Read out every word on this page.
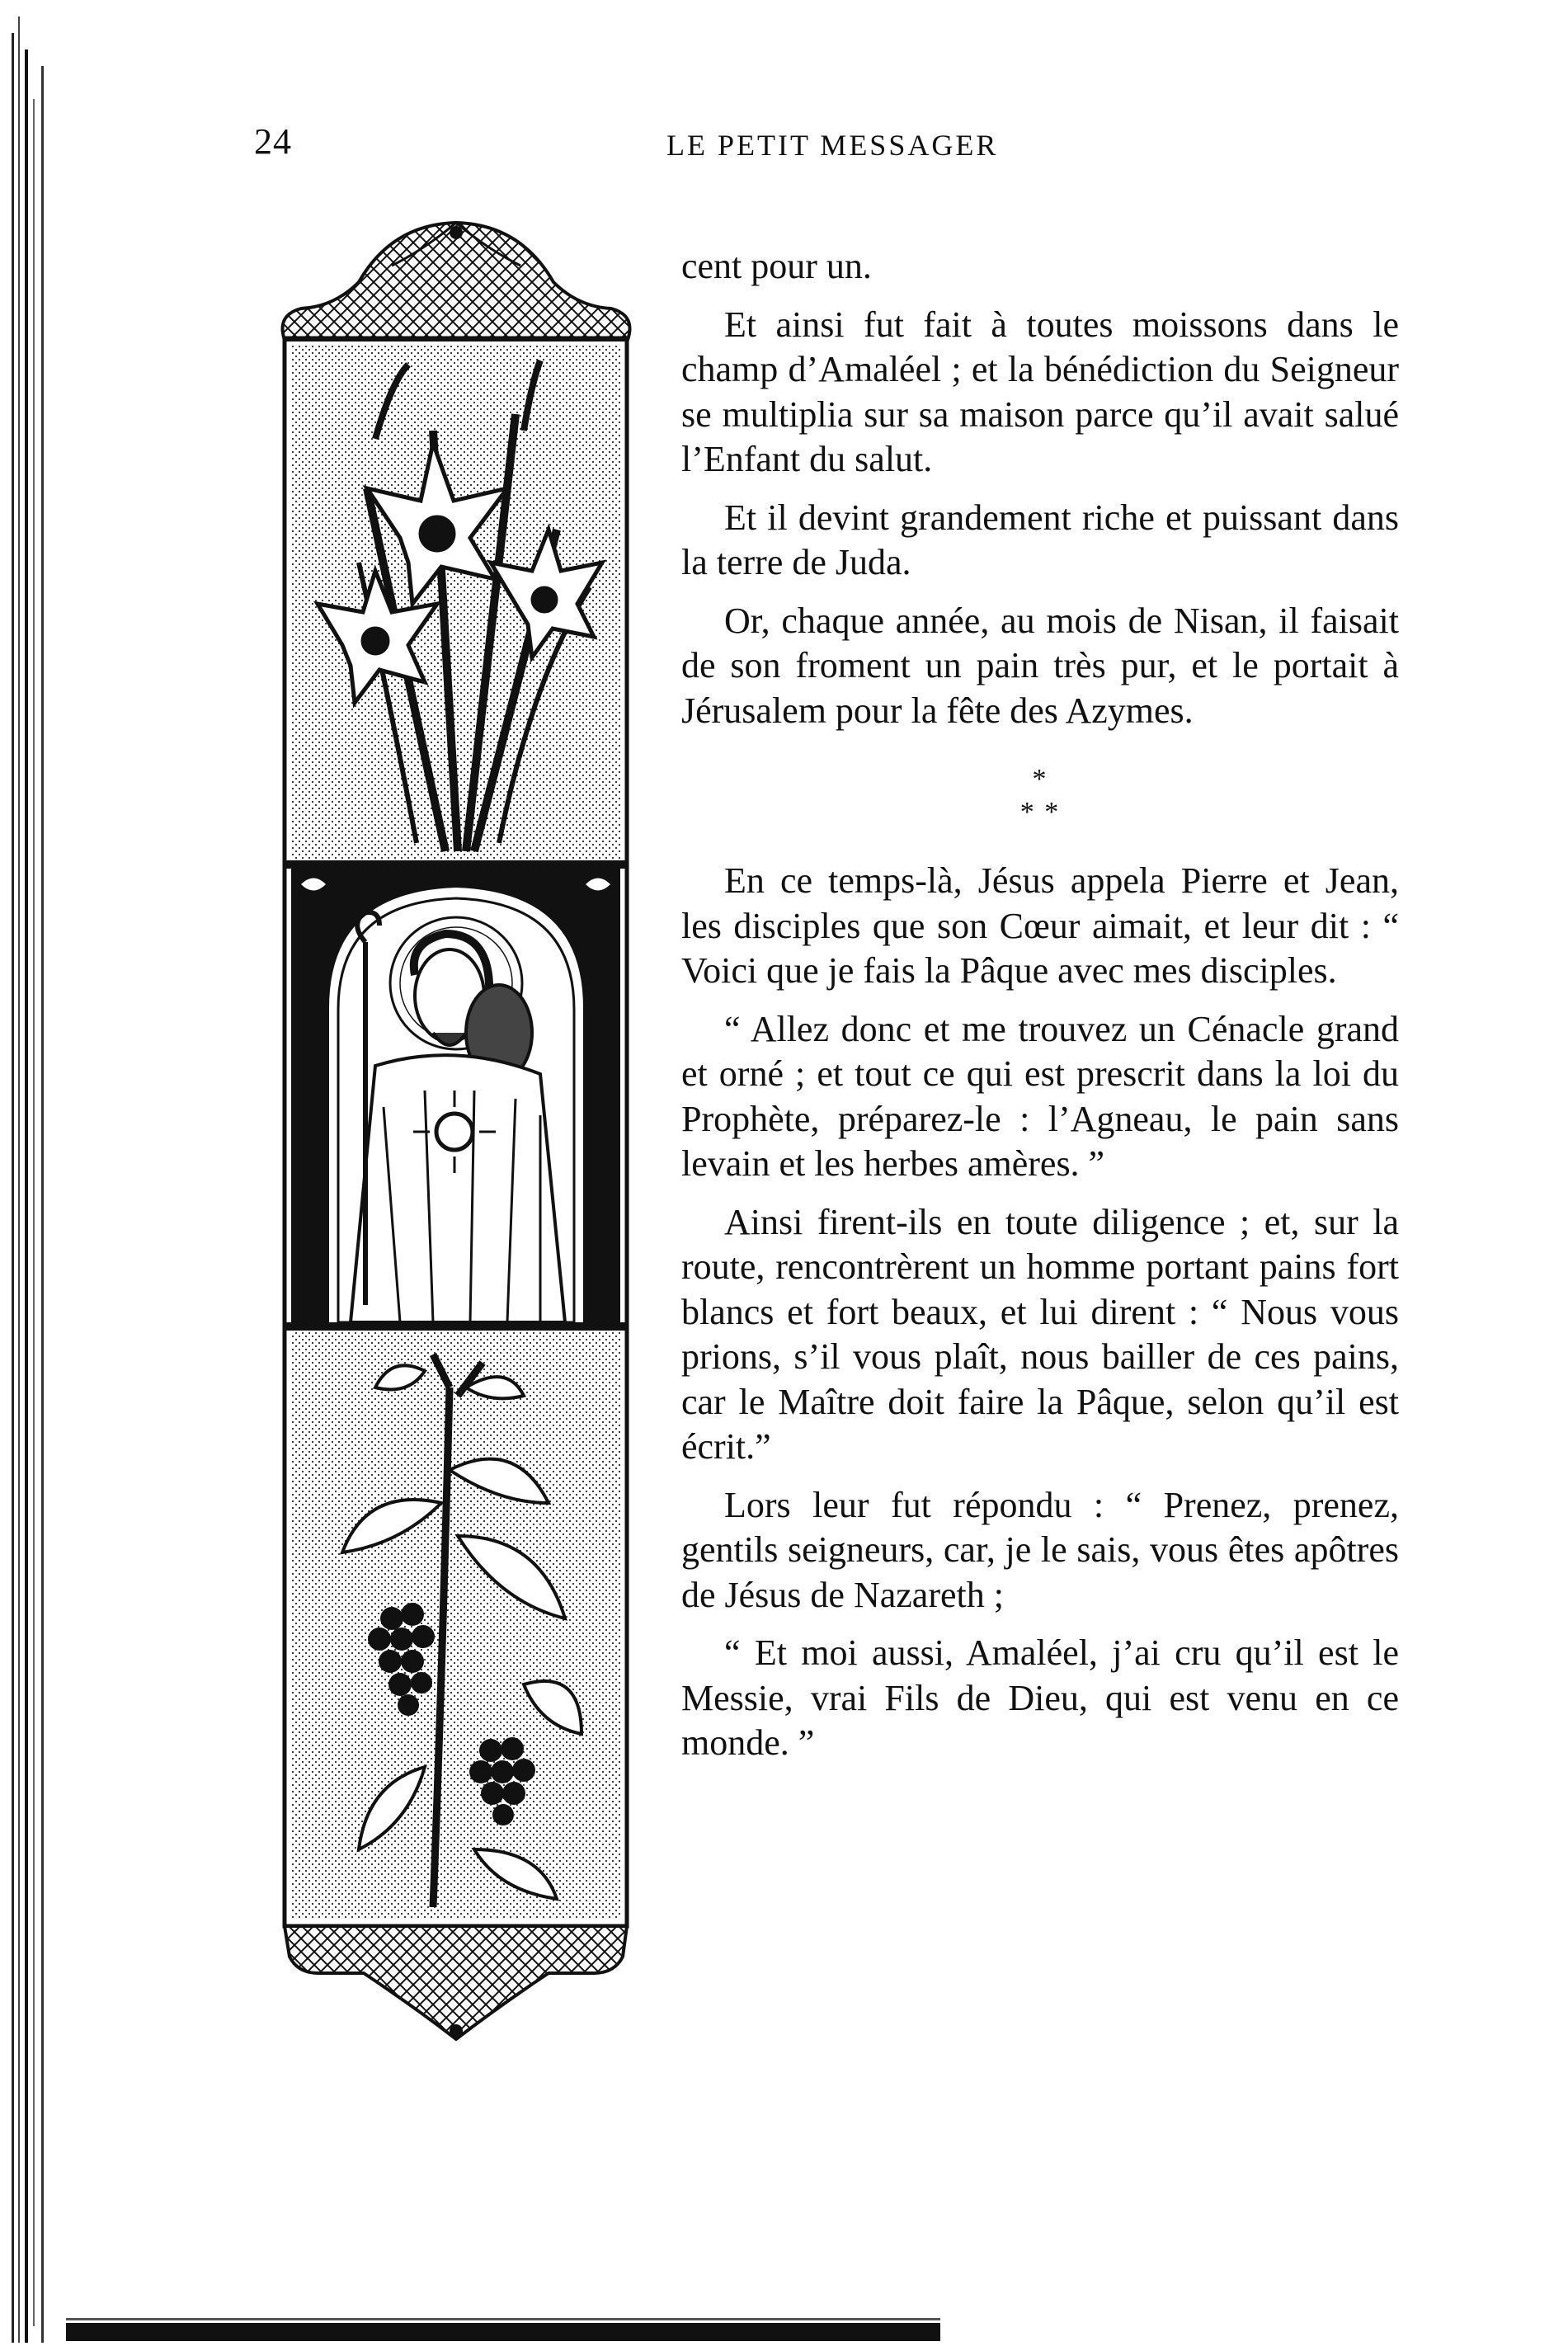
24	LE PETIT MESSAGER

cent pour un.

Et ainsi fut fait à toutes moissons dans le champ d’Amaléel ; et la bénédiction du Seigneur se multiplia sur sa maison parce qu’il avait salué l’Enfant du salut.

Et il devint grandement riche et puissant dans la terre de Juda.

Or, chaque année, au mois de Nisan, il faisait de son froment un pain très pur, et le portait à Jérusalem pour la fête des Azymes.

*
* *

En ce temps-là, Jésus appela Pierre et Jean, les disciples que son Cœur aimait, et leur dit : “ Voici que je fais la Pâque avec mes disciples.

“ Allez donc et me trouvez un Cénacle grand et orné ; et tout ce qui est prescrit dans la loi du Prophète, préparez-le : l’Agneau, le pain sans levain et les herbes amères. ”

Ainsi firent-ils en toute diligence ; et, sur la route, rencontrèrent un homme portant pains fort blancs et fort beaux, et lui dirent : “ Nous vous prions, s’il vous plaît, nous bailler de ces pains, car le Maître doit faire la Pâque, selon qu’il est écrit.”

Lors leur fut répondu : “ Prenez, prenez, gentils seigneurs, car, je le sais, vous êtes apôtres de Jésus de Nazareth ;

“ Et moi aussi, Amaléel, j’ai cru qu’il est le Messie, vrai Fils de Dieu, qui est venu en ce monde. ”
